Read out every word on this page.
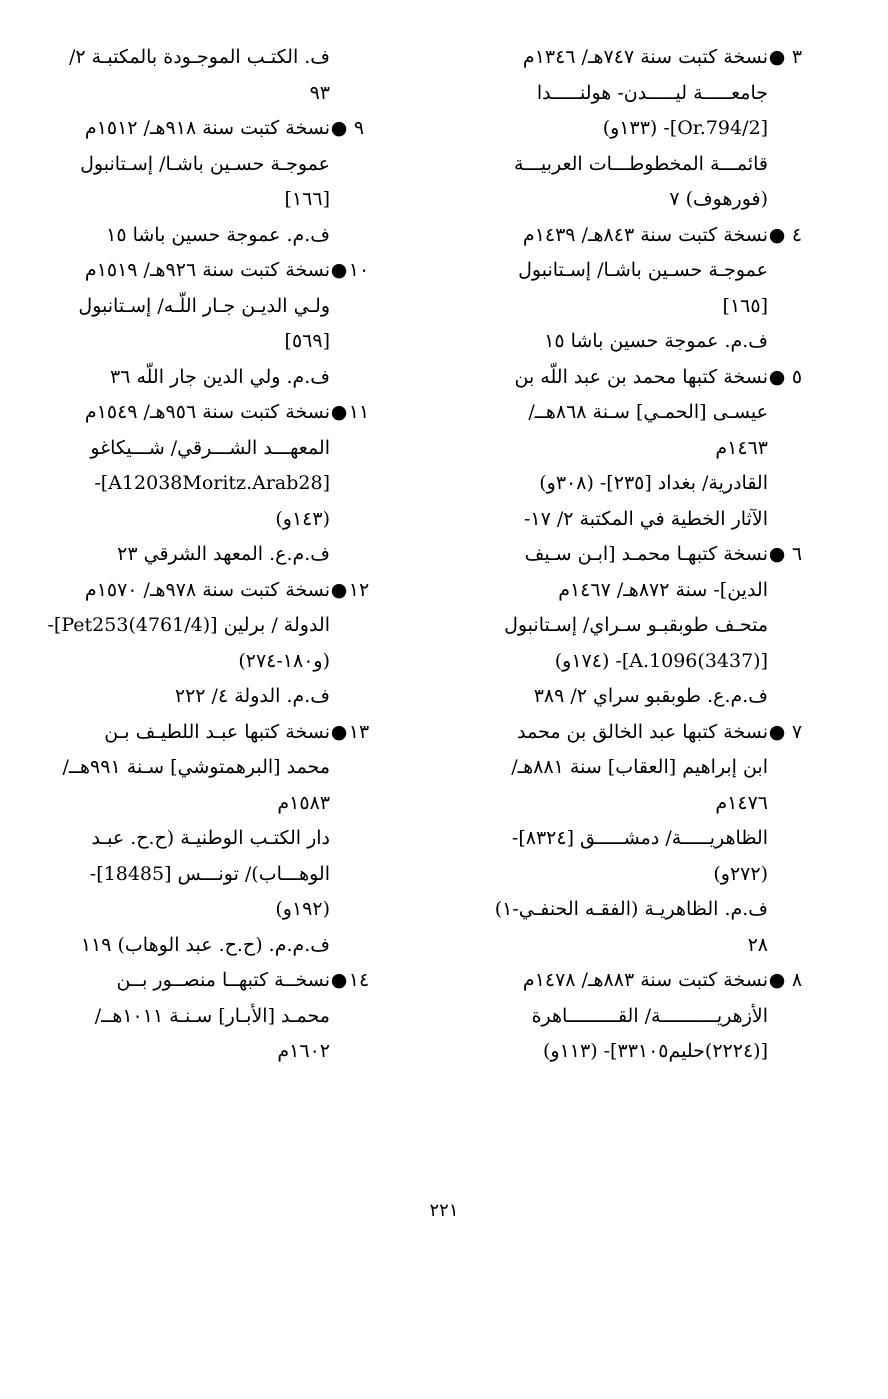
٣●نسخة كتبت سنة ٧٤٧هـ/ ١٣٤٦م
جامعـــــة ليـــــدن- هولنـــــدا
[Or.794/2]- (١٣٣و)
قائمـــة المخطوطـــات العربيـــة
(فورهوف) ٧
٤●نسخة كتبت سنة ٨٤٣هـ/ ١٤٣٩م
عموجـة حسـين باشـا/ إسـتانبول
[١٦٥]
ف.م. عموجة حسين باشا ١٥
٥●نسخة كتبها محمد بن عبد اللّه بن
عيسـى [الحمـي] سـنة ٨٦٨هــ/
١٤٦٣م
القادرية/ بغداد [٢٣٥]- (٣٠٨و)
الآثار الخطية في المكتبة ٢/ ١٧-
٦●نسخة كتبهـا محمـد [ابـن سـيف
الدين]- سنة ٨٧٢هـ/ ١٤٦٧م
متحـف طوبقبـو سـراي/ إسـتانبول
[(3437)A.1096]- (١٧٤و)
ف.م.ع. طوبقبو سراي ٢/ ٣٨٩
٧●نسخة كتبها عبد الخالق بن محمد
ابن إبراهيم [العقاب] سنة ٨٨١هـ/
١٤٧٦م
الظاهريـــــة/ دمشـــــق [٨٣٢٤]-
(٢٧٢و)
ف.م. الظاهريـة (الفقـه الحنفـي-١)
٢٨
٨●نسخة كتبت سنة ٨٨٣هـ/ ١٤٧٨م
الأزهريــــــــــة/ القـــــــــاهرة
[(٢٢٢٤)حليم٣٣١٠٥]- (١١٣و)
ف. الكتـب الموجـودة بالمكتبـة ٢/
٩٣
٩●نسخة كتبت سنة ٩١٨هـ/ ١٥١٢م
عموجـة حسـين باشـا/ إسـتانبول
[١٦٦]
ف.م. عموجة حسين باشا ١٥
١٠●نسخة كتبت سنة ٩٢٦هـ/ ١٥١٩م
ولـي الديـن جـار اللّـه/ إسـتانبول
[٥٦٩]
ف.م. ولي الدين جار اللّه ٣٦
١١●نسخة كتبت سنة ٩٥٦هـ/ ١٥٤٩م
المعهـــد الشـــرقي/ شـــيكاغو
[A12038Moritz.Arab28]-
(١٤٣و)
ف.م.ع. المعهد الشرقي ٢٣
١٢●نسخة كتبت سنة ٩٧٨هـ/ ١٥٧٠م
الدولة / برلين [(4761/4)Pet253]-
(و١٨٠-٢٧٤)
ف.م. الدولة ٤/ ٢٢٢
١٣●نسخة كتبها عبـد اللطيـف بـن
محمد [البرهمتوشي] سـنة ٩٩١هــ/
١٥٨٣م
دار الكتـب الوطنيـة (ح.ح. عبـد
الوهـــاب)/ تونـــس [18485]-
(١٩٢و)
ف.م.م. (ح.ح. عبد الوهاب) ١١٩
١٤●نسخــة كتبهــا منصــور بــن
محمـد [الأبـار] سـنـة ١٠١١هــ/
١٦٠٢م
٢٢١
